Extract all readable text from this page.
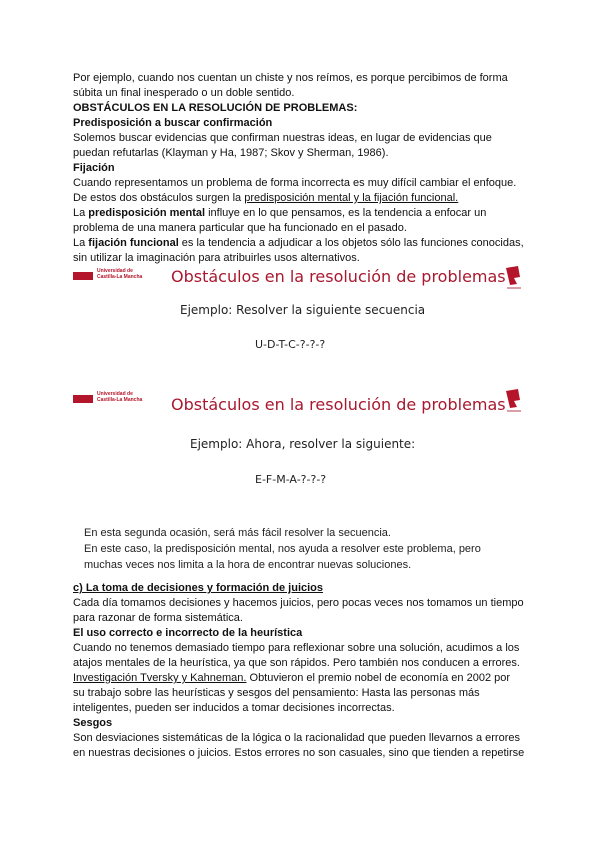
Por ejemplo, cuando nos cuentan un chiste y nos reímos, es porque percibimos de forma

súbita un final inesperado o un doble sentido.

OBSTÁCULOS EN LA RESOLUCIÓN DE PROBLEMAS:

Predisposición a buscar confirmación

Solemos buscar evidencias que confirman nuestras ideas, en lugar de evidencias que

puedan refutarlas (Klayman y Ha, 1987; Skov y Sherman, 1986).

Fijación

Cuando representamos un problema de forma incorrecta es muy difícil cambiar el enfoque.

De estos dos obstáculos surgen la predisposición mental y la fijación funcional.

La predisposición mental influye en lo que pensamos, es la tendencia a enfocar un

problema de una manera particular que ha funcionado en el pasado.

La fijación funcional es la tendencia a adjudicar a los objetos sólo las funciones conocidas,

sin utilizar la imaginación para atribuirles usos alternativos.

Universidad de
Castilla-La Mancha Obstáculos en la resolución de problemas
Ejemplo: Resolver la siguiente secuencia
U-D-T-C-?-?-?
Universidad de
Castilla-La Mancha Obstáculos en la resolución de problemas
Ejemplo: Ahora, resolver la siguiente:
E-F-M-A-?-?-?

En esta segunda ocasión, será más fácil resolver la secuencia.

En este caso, la predisposición mental, nos ayuda a resolver este problema, pero

muchas veces nos limita a la hora de encontrar nuevas soluciones.

c) La toma de decisiones y formación de juicios

Cada día tomamos decisiones y hacemos juicios, pero pocas veces nos tomamos un tiempo

para razonar de forma sistemática.

El uso correcto e incorrecto de la heurística

Cuando no tenemos demasiado tiempo para reflexionar sobre una solución, acudimos a los

atajos mentales de la heurística, ya que son rápidos. Pero también nos conducen a errores.

Investigación Tversky y Kahneman. Obtuvieron el premio nobel de economía en 2002 por

su trabajo sobre las heurísticas y sesgos del pensamiento: Hasta las personas más

inteligentes, pueden ser inducidos a tomar decisiones incorrectas.

Sesgos

Son desviaciones sistemáticas de la lógica o la racionalidad que pueden llevarnos a errores

en nuestras decisiones o juicios. Estos errores no son casuales, sino que tienden a repetirse
